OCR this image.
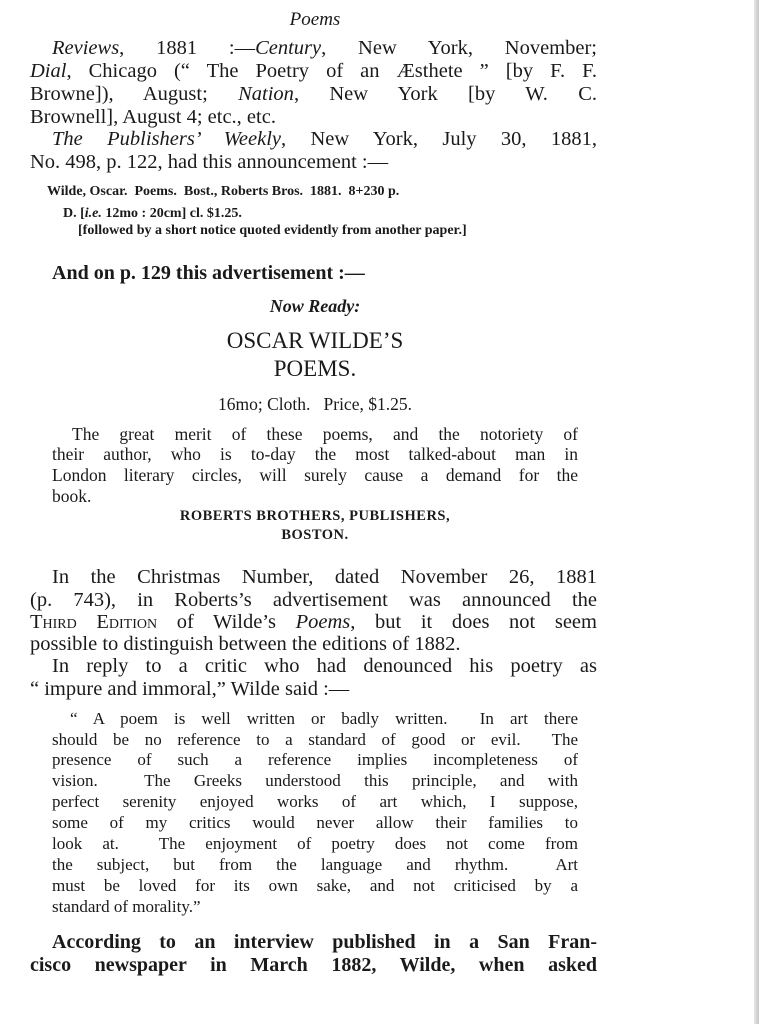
Poems
Reviews, 1881 :—Century, New York, November;
Dial, Chicago (“ The Poetry of an Æsthete ” [by F. F.
Browne]), August; Nation, New York [by W. C.
Brownell], August 4; etc., etc.
The Publishers’ Weekly, New York, July 30, 1881,
No. 498, p. 122, had this announcement :—
Wilde, Oscar.  Poems.  Bost., Roberts Bros.  1881.  8+230 p.
D. [i.e. 12mo : 20cm] cl. $1.25.
[followed by a short notice quoted evidently from another paper.]
And on p. 129 this advertisement :—
Now Ready:
OSCAR WILDE’S
POEMS.
16mo; Cloth.   Price, $1.25.
The great merit of these poems, and the notoriety of
their author, who is to-day the most talked-about man in
London literary circles, will surely cause a demand for the
book.
ROBERTS BROTHERS, PUBLISHERS,
BOSTON.
In the Christmas Number, dated November 26, 1881
(p. 743), in Roberts’s advertisement was announced the
Third Edition of Wilde’s Poems, but it does not seem
possible to distinguish between the editions of 1882.
In reply to a critic who had denounced his poetry as
“ impure and immoral,” Wilde said :—
“ A poem is well written or badly written.  In art there
should be no reference to a standard of good or evil.  The
presence of such a reference implies incompleteness of
vision.  The Greeks understood this principle, and with
perfect serenity enjoyed works of art which, I suppose,
some of my critics would never allow their families to
look at.  The enjoyment of poetry does not come from
the subject, but from the language and rhythm.  Art
must be loved for its own sake, and not criticised by a
standard of morality.”
According to an interview published in a San Fran-
cisco newspaper in March 1882, Wilde, when asked
